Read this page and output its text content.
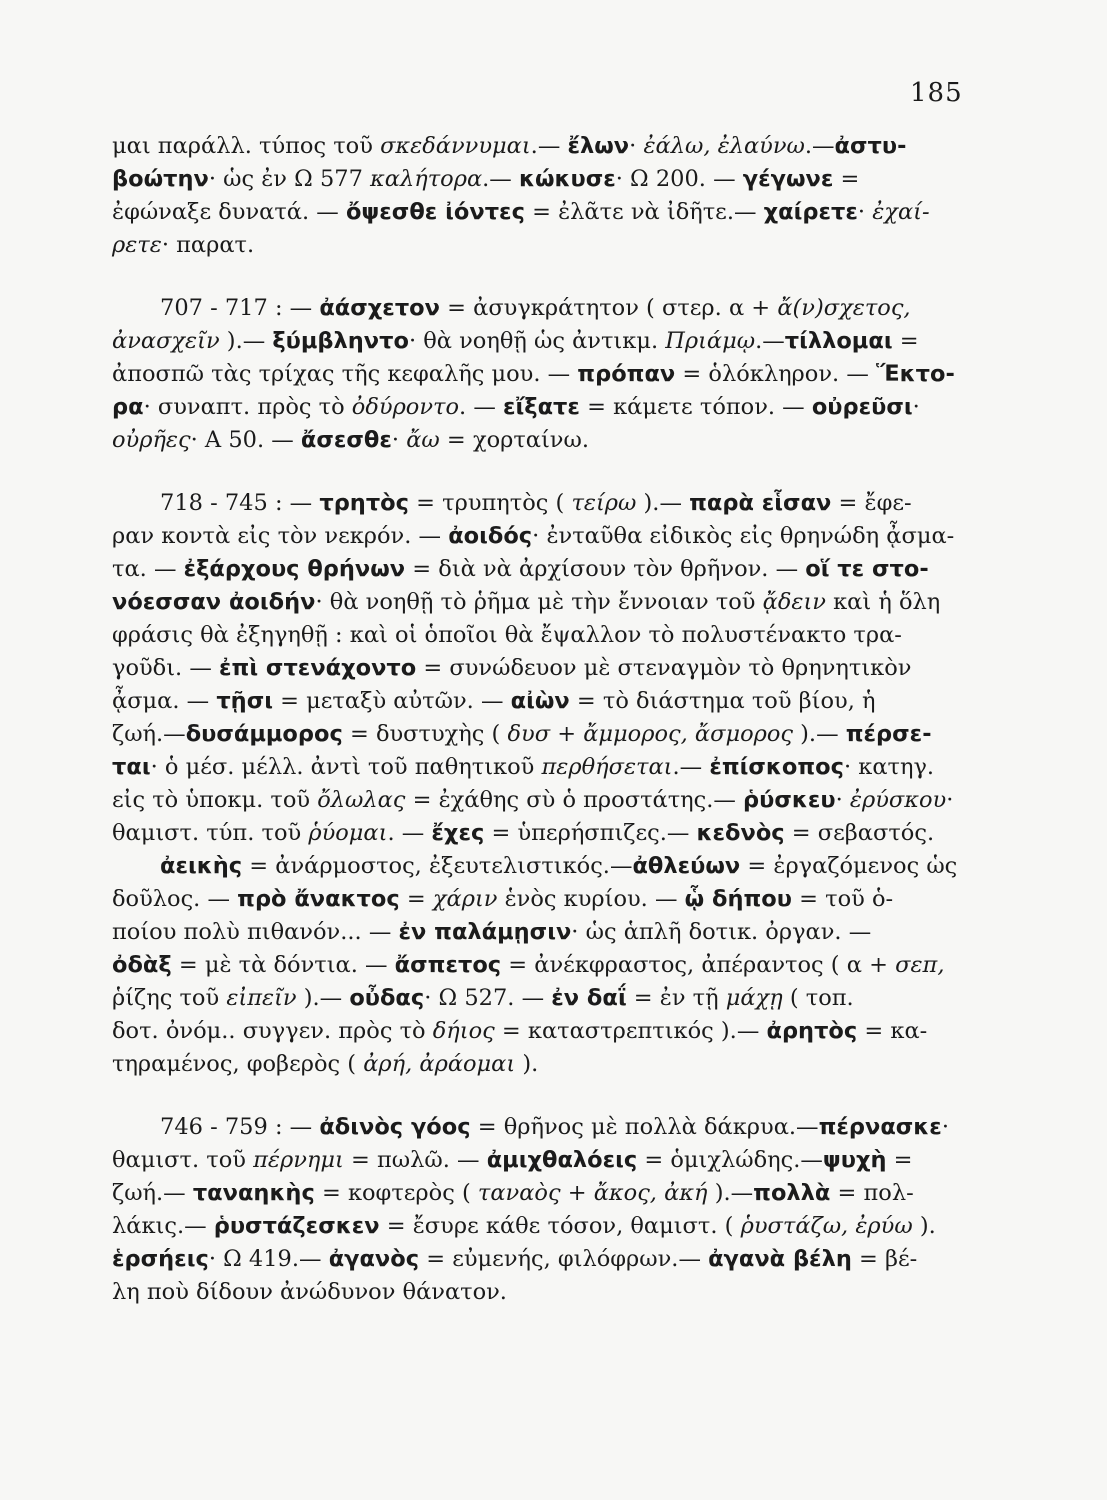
185
μαι παράλλ. τύπος τοῦ σκεδάννυμαι.— ἔλων· ἐάλω, ἐλαύνω.—ἀστυ-
βοώτην· ὡς ἐν Ω 577 καλήτορα.— κώκυσε· Ω 200. — γέγωνε =
ἐφώναξε δυνατά. — ὄψεσθε ἰόντες = ἐλᾶτε νὰ ἰδῆτε.— χαίρετε· ἐχαί-
ρετε· παρατ.
707 - 717 : — ἀάσχετον = ἀσυγκράτητον ( στερ. α + ἄ(ν)σχετος,
ἀνασχεῖν ).— ξύμβληντο· θὰ νοηθῇ ὡς ἀντικμ. Πριάμῳ.—τίλλομαι =
ἀποσπῶ τὰς τρίχας τῆς κεφαλῆς μου. — πρόπαν = ὁλόκληρον. — Ἕκτο-
ρα· συναπτ. πρὸς τὸ ὀδύροντο. — εἴξατε = κάμετε τόπον. — οὐρεῦσι·
οὐρῆες· Α 50. — ἄσεσθε· ἄω = χορταίνω.
718 - 745 : — τρητὸς = τρυπητὸς ( τείρω ).— παρὰ εἷσαν = ἔφε-
ραν κοντὰ εἰς τὸν νεκρόν. — ἀοιδός· ἐνταῦθα εἰδικὸς εἰς θρηνώδη ᾆσμα-
τα. — ἐξάρχους θρήνων = διὰ νὰ ἀρχίσουν τὸν θρῆνον. — οἵ τε στο-
νόεσσαν ἀοιδήν· θὰ νοηθῇ τὸ ῥῆμα μὲ τὴν ἔννοιαν τοῦ ᾄδειν καὶ ἡ ὅλη
φράσις θὰ ἐξηγηθῇ : καὶ οἱ ὁποῖοι θὰ ἔψαλλον τὸ πολυστένακτο τρα-
γοῦδι. — ἐπὶ στενάχοντο = συνώδευον μὲ στεναγμὸν τὸ θρηνητικὸν
ᾆσμα. — τῇσι = μεταξὺ αὐτῶν. — αἰὼν = τὸ διάστημα τοῦ βίου, ἡ
ζωή.—δυσάμμορος = δυστυχὴς ( δυσ + ἄμμορος, ἄσμορος ).— πέρσε-
ται· ὁ μέσ. μέλλ. ἀντὶ τοῦ παθητικοῦ περθήσεται.— ἐπίσκοπος· κατηγ.
εἰς τὸ ὑποκμ. τοῦ ὄλωλας = ἐχάθης σὺ ὁ προστάτης.— ῥύσκευ· ἐρύσκου·
θαμιστ. τύπ. τοῦ ῥύομαι. — ἔχες = ὑπερήσπιζες.— κεδνὸς = σεβαστός.
ἀεικὴς = ἀνάρμοστος, ἐξευτελιστικός.—ἀθλεύων = ἐργαζόμενος ὡς
δοῦλος. — πρὸ ἄνακτος = χάριν ἑνὸς κυρίου. — ᾧ δήπου = τοῦ ὁ-
ποίου πολὺ πιθανόν... — ἐν παλάμῃσιν· ὡς ἁπλῆ δοτικ. ὀργαν. —
ὀδὰξ = μὲ τὰ δόντια. — ἄσπετος = ἀνέκφραστος, ἀπέραντος ( α + σεπ,
ῥίζης τοῦ εἰπεῖν ).— οὖδας· Ω 527. — ἐν δαΐ = ἐν τῇ μάχῃ ( τοπ.
δοτ. ὀνόμ.. συγγεν. πρὸς τὸ δήιος = καταστρεπτικός ).— ἀρητὸς = κα-
τηραμένος, φοβερὸς ( ἀρή, ἀράομαι ).
746 - 759 : — ἀδινὸς γόος = θρῆνος μὲ πολλὰ δάκρυα.—πέρνασκε·
θαμιστ. τοῦ πέρνημι = πωλῶ. — ἀμιχθαλόεις = ὁμιχλώδης.—ψυχὴ =
ζωή.— ταναηκὴς = κοφτερὸς ( ταναὸς + ἄκος, ἀκή ).—πολλὰ = πολ-
λάκις.— ῥυστάζεσκεν = ἔσυρε κάθε τόσον, θαμιστ. ( ῥυστάζω, ἐρύω ).
ἑρσήεις· Ω 419.— ἀγανὸς = εὐμενής, φιλόφρων.— ἀγανὰ βέλη = βέ-
λη ποὺ δίδουν ἀνώδυνον θάνατον.
